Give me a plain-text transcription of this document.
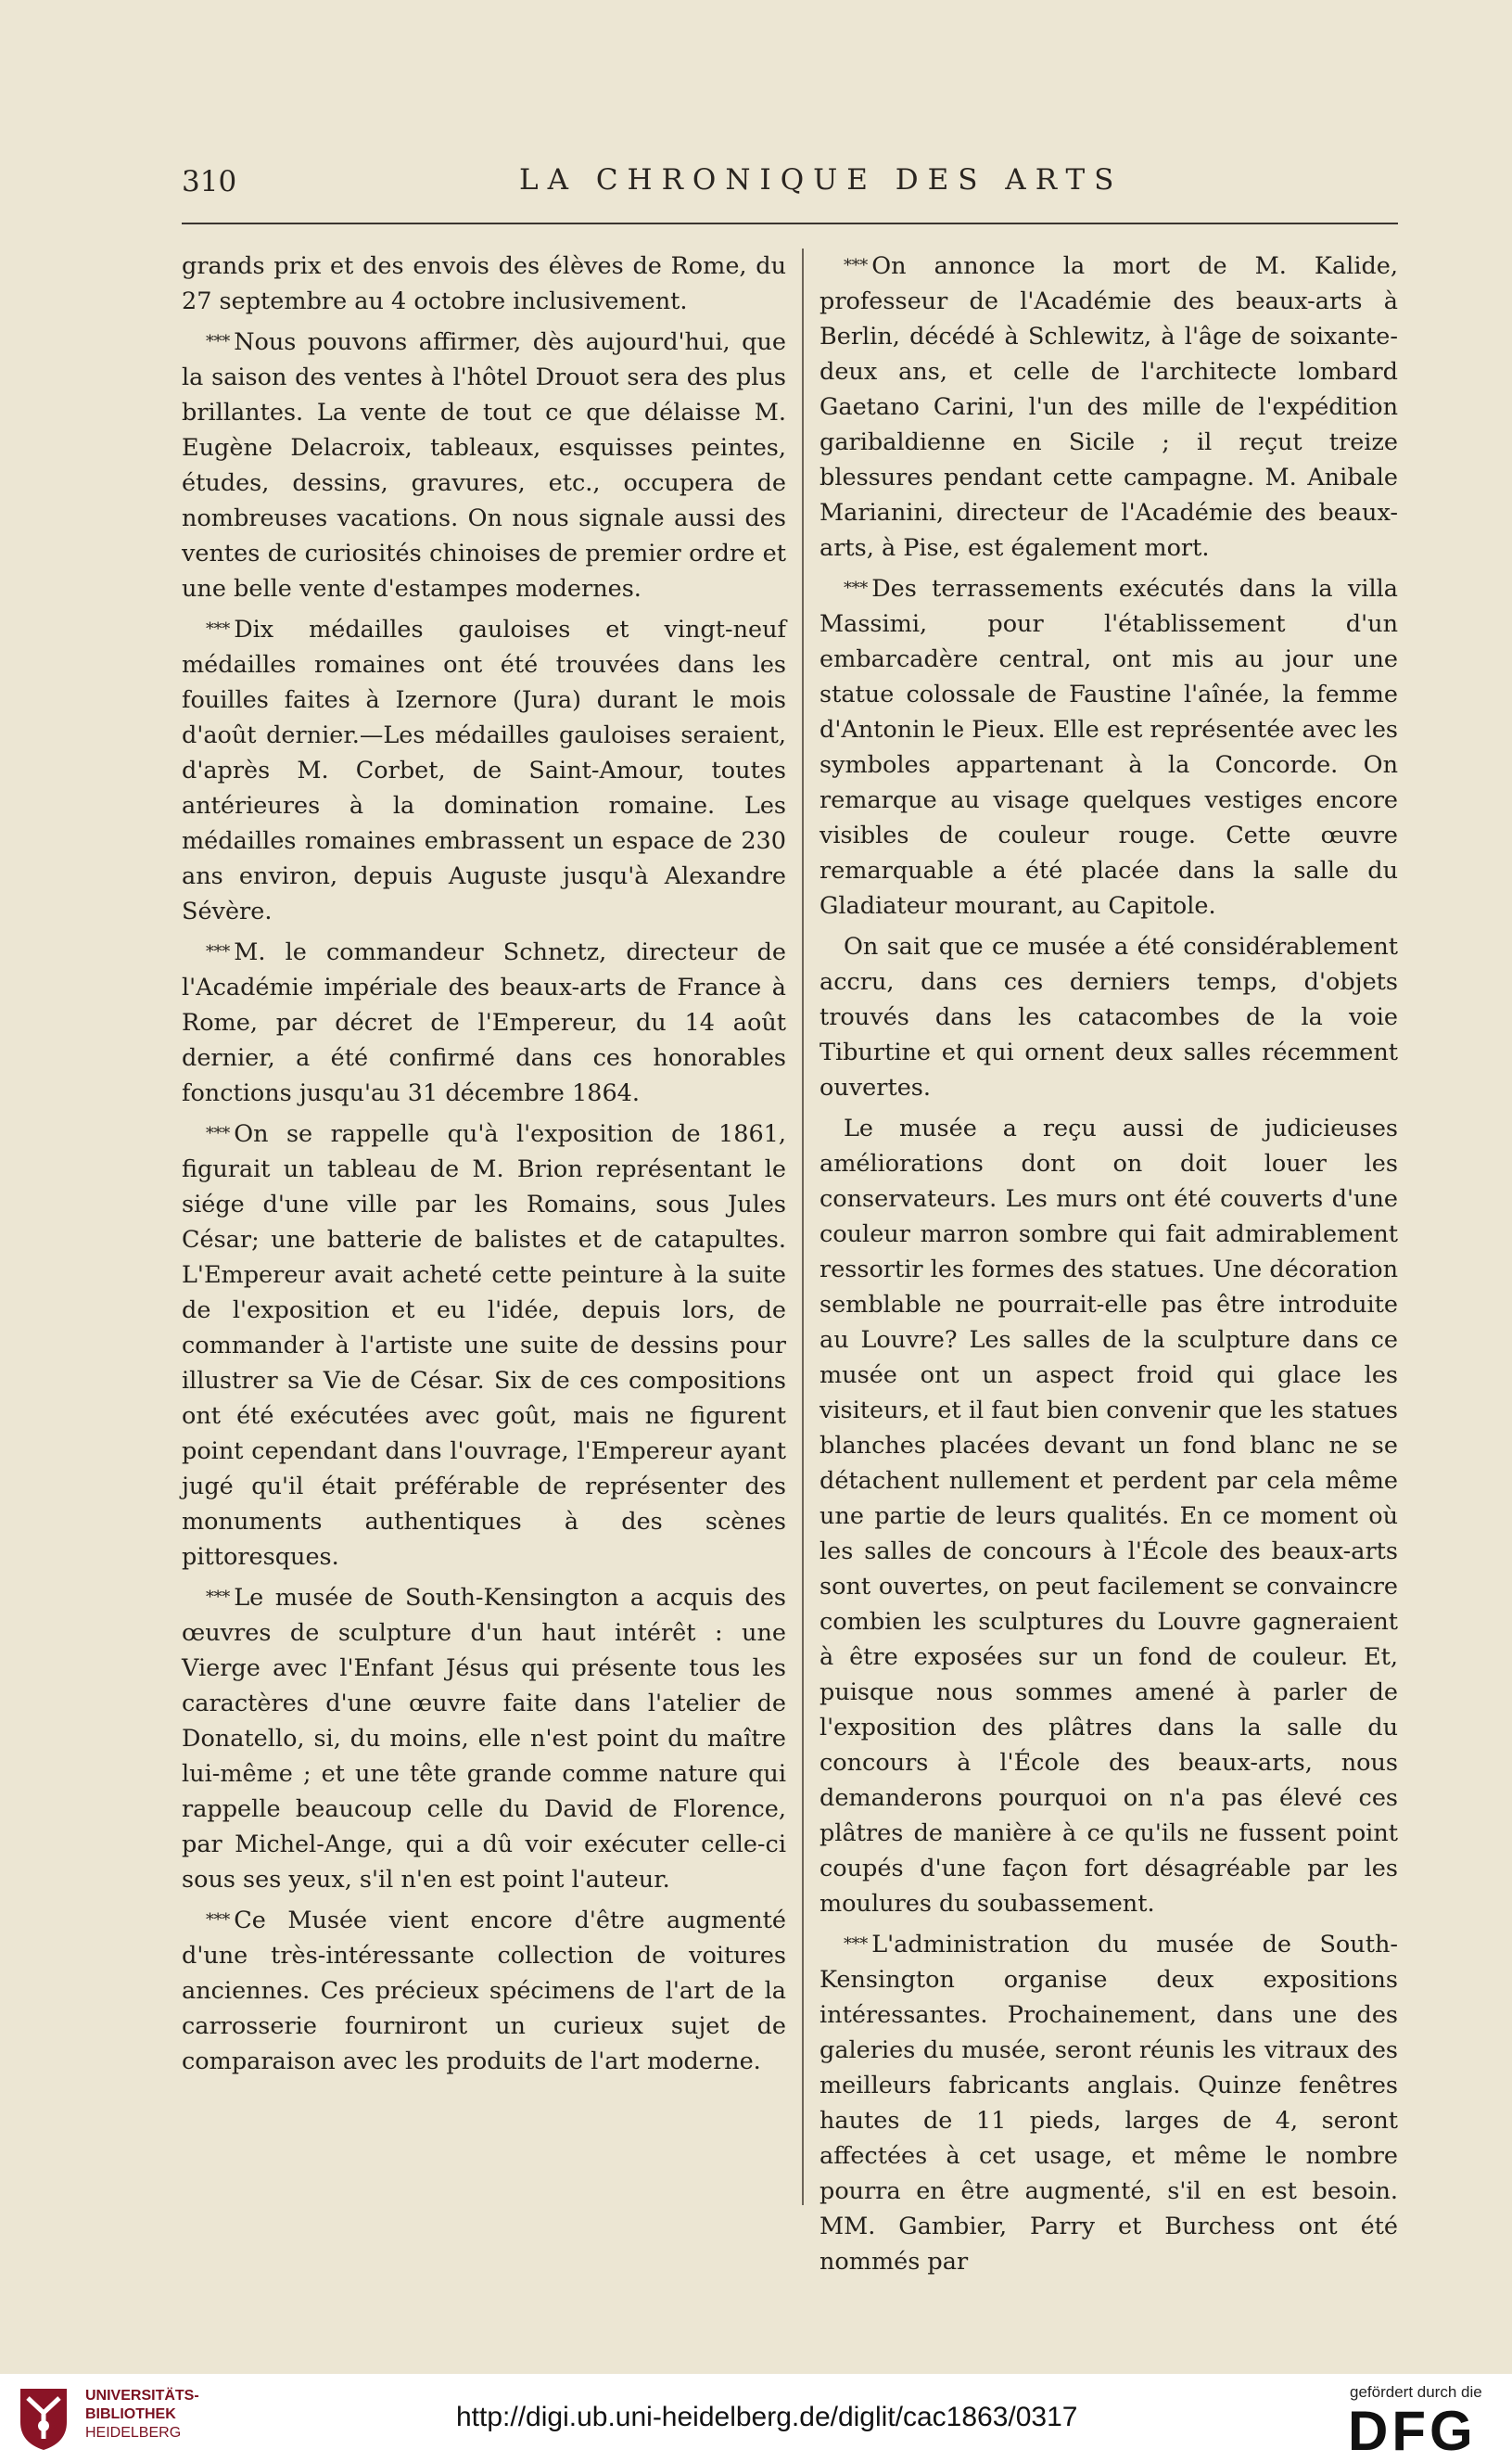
310	LA CHRONIQUE DES ARTS

grands prix et des envois des élèves de Rome, du 27 septembre au 4 octobre inclusivement.

* * * Nous pouvons affirmer, dès aujourd'hui, que la saison des ventes à l'hôtel Drouot sera des plus brillantes. La vente de tout ce que délaisse M. Eugène Delacroix, tableaux, esquisses peintes, études, dessins, gravures, etc., occupera de nombreuses vacations. On nous signale aussi des ventes de curiosités chinoises de premier ordre et une belle vente d'estampes modernes.

* * * Dix médailles gauloises et vingt-neuf médailles romaines ont été trouvées dans les fouilles faites à Izernore (Jura) durant le mois d'août dernier.—Les médailles gauloises seraient, d'après M. Corbet, de Saint-Amour, toutes antérieures à la domination romaine. Les médailles romaines embrassent un espace de 230 ans environ, depuis Auguste jusqu'à Alexandre Sévère.

* * * M. le commandeur Schnetz, directeur de l'Académie impériale des beaux-arts de France à Rome, par décret de l'Empereur, du 14 août dernier, a été confirmé dans ces honorables fonctions jusqu'au 31 décembre 1864.

* * * On se rappelle qu'à l'exposition de 1861, figurait un tableau de M. Brion représentant le siége d'une ville par les Romains, sous Jules César; une batterie de balistes et de catapultes. L'Empereur avait acheté cette peinture à la suite de l'exposition et eu l'idée, depuis lors, de commander à l'artiste une suite de dessins pour illustrer sa Vie de César. Six de ces compositions ont été exécutées avec goût, mais ne figurent point cependant dans l'ouvrage, l'Empereur ayant jugé qu'il était préférable de représenter des monuments authentiques à des scènes pittoresques.

* * * Le musée de South-Kensington a acquis des œuvres de sculpture d'un haut intérêt : une Vierge avec l'Enfant Jésus qui présente tous les caractères d'une œuvre faite dans l'atelier de Donatello, si, du moins, elle n'est point du maître lui-même ; et une tête grande comme nature qui rappelle beaucoup celle du David de Florence, par Michel-Ange, qui a dû voir exécuter celle-ci sous ses yeux, s'il n'en est point l'auteur.

* * * Ce Musée vient encore d'être augmenté d'une très-intéressante collection de voitures anciennes. Ces précieux spécimens de l'art de la carrosserie fourniront un curieux sujet de comparaison avec les produits de l'art moderne.

* * * On annonce la mort de M. Kalide, professeur de l'Académie des beaux-arts à Berlin, décédé à Schlewitz, à l'âge de soixante-deux ans, et celle de l'architecte lombard Gaetano Carini, l'un des mille de l'expédition garibaldienne en Sicile ; il reçut treize blessures pendant cette campagne. M. Anibale Marianini, directeur de l'Académie des beaux-arts, à Pise, est également mort.

* * * Des terrassements exécutés dans la villa Massimi, pour l'établissement d'un embarcadère central, ont mis au jour une statue colossale de Faustine l'aînée, la femme d'Antonin le Pieux. Elle est représentée avec les symboles appartenant à la Concorde. On remarque au visage quelques vestiges encore visibles de couleur rouge. Cette œuvre remarquable a été placée dans la salle du Gladiateur mourant, au Capitole.

On sait que ce musée a été considérablement accru, dans ces derniers temps, d'objets trouvés dans les catacombes de la voie Tiburtine et qui ornent deux salles récemment ouvertes.

Le musée a reçu aussi de judicieuses améliorations dont on doit louer les conservateurs. Les murs ont été couverts d'une couleur marron sombre qui fait admirablement ressortir les formes des statues. Une décoration semblable ne pourrait-elle pas être introduite au Louvre? Les salles de la sculpture dans ce musée ont un aspect froid qui glace les visiteurs, et il faut bien convenir que les statues blanches placées devant un fond blanc ne se détachent nullement et perdent par cela même une partie de leurs qualités. En ce moment où les salles de concours à l'École des beaux-arts sont ouvertes, on peut facilement se convaincre combien les sculptures du Louvre gagneraient à être exposées sur un fond de couleur. Et, puisque nous sommes amené à parler de l'exposition des plâtres dans la salle du concours à l'École des beaux-arts, nous demanderons pourquoi on n'a pas élevé ces plâtres de manière à ce qu'ils ne fussent point coupés d'une façon fort désagréable par les moulures du soubassement.

* * * L'administration du musée de South-Kensington organise deux expositions intéressantes. Prochainement, dans une des galeries du musée, seront réunis les vitraux des meilleurs fabricants anglais. Quinze fenêtres hautes de 11 pieds, larges de 4, seront affectées à cet usage, et même le nombre pourra en être augmenté, s'il en est besoin. MM. Gambier, Parry et Burchess ont été nommés par

UNIVERSITÄTS-
BIBLIOTHEK
HEIDELBERG
http://digi.ub.uni-heidelberg.de/diglit/cac1863/0317
gefördert durch die
DFG
